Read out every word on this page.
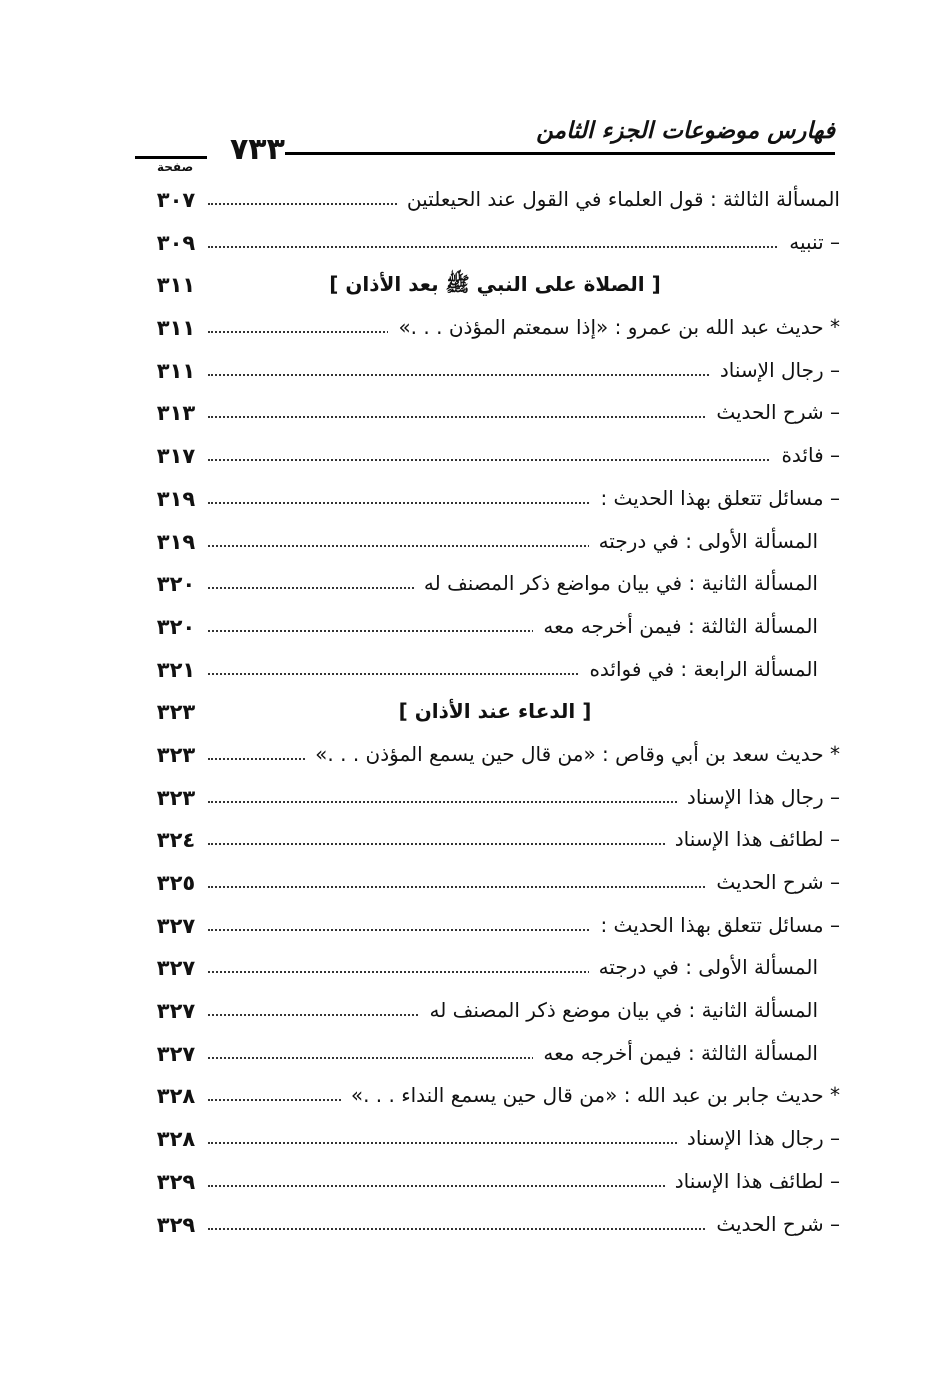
فهارس موضوعات الجزء الثامن
٧٣٣
صفحة
المسألة الثالثة : قول العلماء في القول عند الحيعلتين
٣٠٧
– تنبيه
٣٠٩
[ الصلاة على النبي ﷺ بعد الأذان ]
٣١١
* حديث عبد الله بن عمرو : «إذا سمعتم المؤذن . . .»
٣١١
– رجال الإسناد
٣١١
– شرح الحديث
٣١٣
– فائدة
٣١٧
– مسائل تتعلق بهذا الحديث :
٣١٩
المسألة الأولى : في درجته
٣١٩
المسألة الثانية : في بيان مواضع ذكر المصنف له
٣٢٠
المسألة الثالثة : فيمن أخرجه معه
٣٢٠
المسألة الرابعة : في فوائده
٣٢١
[ الدعاء عند الأذان ]
٣٢٣
* حديث سعد بن أبي وقاص : «من قال حين يسمع المؤذن . . .»
٣٢٣
– رجال هذا الإسناد
٣٢٣
– لطائف هذا الإسناد
٣٢٤
– شرح الحديث
٣٢٥
– مسائل تتعلق بهذا الحديث :
٣٢٧
المسألة الأولى : في درجته
٣٢٧
المسألة الثانية : في بيان موضع ذكر المصنف له
٣٢٧
المسألة الثالثة : فيمن أخرجه معه
٣٢٧
* حديث جابر بن عبد الله : «من قال حين يسمع النداء . . .»
٣٢٨
– رجال هذا الإسناد
٣٢٨
– لطائف هذا الإسناد
٣٢٩
– شرح الحديث
٣٢٩
